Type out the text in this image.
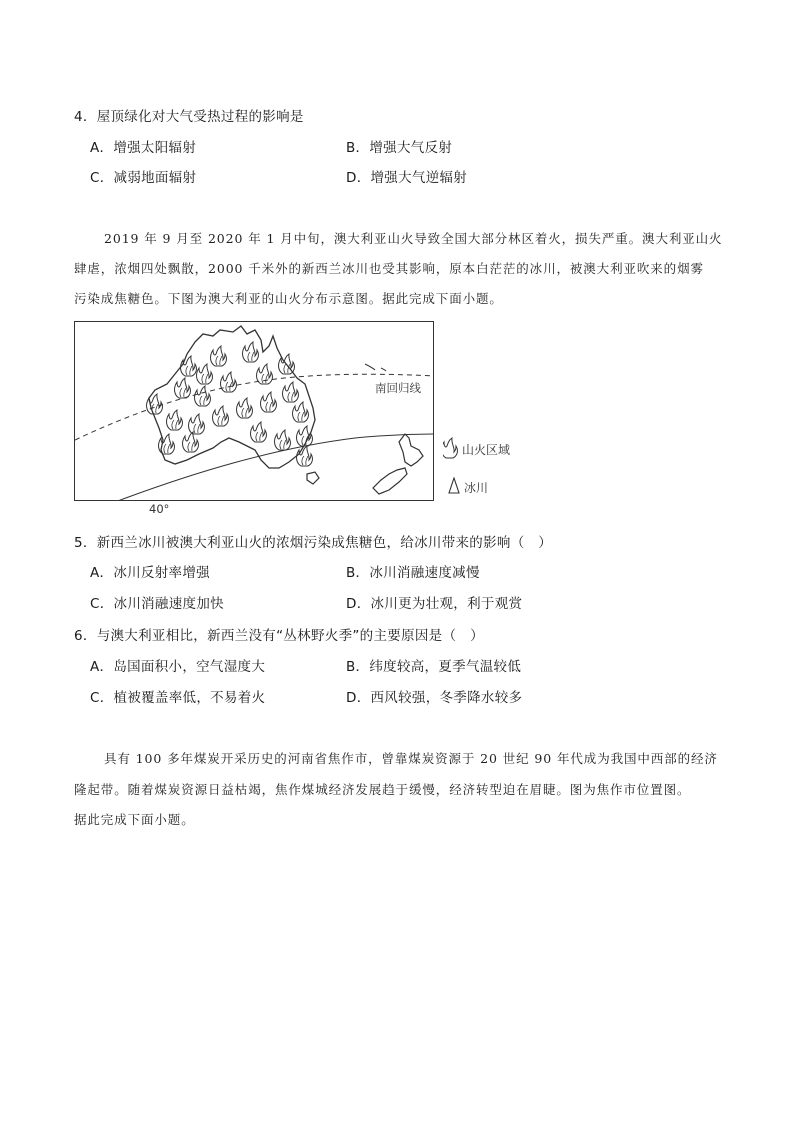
4．屋顶绿化对大气受热过程的影响是
A．增强太阳辐射	B．增强大气反射
C．减弱地面辐射	D．增强大气逆辐射
2019 年 9 月至 2020 年 1 月中旬，澳大利亚山火导致全国大部分林区着火，损失严重。澳大利亚山火
肆虐，浓烟四处飘散，2000 千米外的新西兰冰川也受其影响，原本白茫茫的冰川，被澳大利亚吹来的烟雾
污染成焦糖色。下图为澳大利亚的山火分布示意图。据此完成下面小题。
南回归线
40°
山火区域
冰川
5．新西兰冰川被澳大利亚山火的浓烟污染成焦糖色，给冰川带来的影响（　）
A．冰川反射率增强	B．冰川消融速度减慢
C．冰川消融速度加快	D．冰川更为壮观，利于观赏
6．与澳大利亚相比，新西兰没有“丛林野火季”的主要原因是（　）
A．岛国面积小，空气湿度大	B．纬度较高，夏季气温较低
C．植被覆盖率低，不易着火	D．西风较强，冬季降水较多
具有 100 多年煤炭开采历史的河南省焦作市，曾靠煤炭资源于 20 世纪 90 年代成为我国中西部的经济
隆起带。随着煤炭资源日益枯竭，焦作煤城经济发展趋于缓慢，经济转型迫在眉睫。图为焦作市位置图。
据此完成下面小题。
